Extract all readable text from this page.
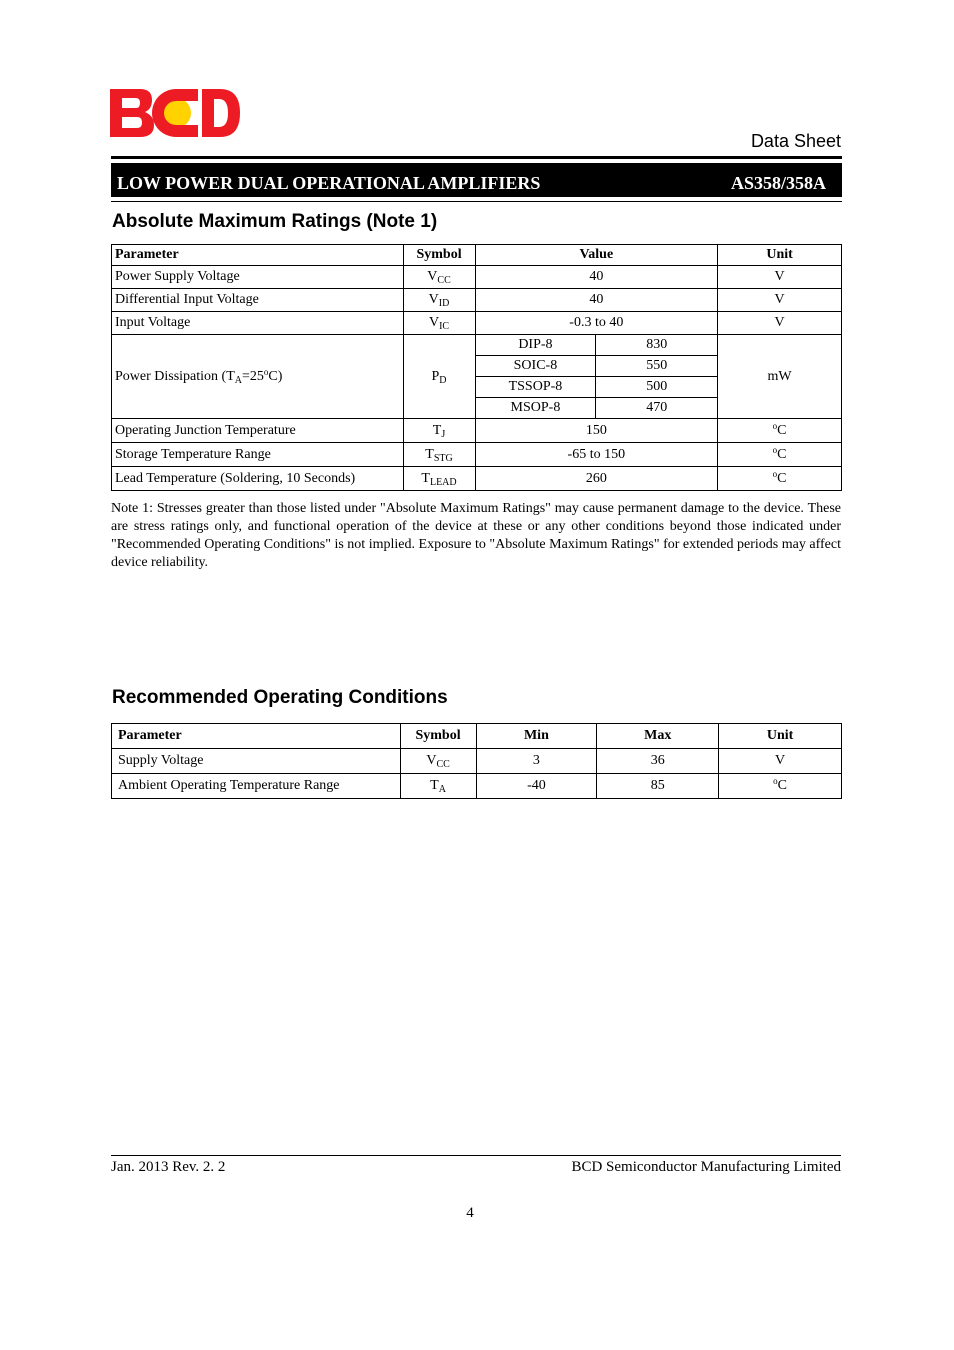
Data Sheet
LOW POWER DUAL OPERATIONAL AMPLIFIERS	AS358/358A
Absolute Maximum Ratings (Note 1)
Parameter	Symbol	Value		Unit
Power Supply Voltage	$V_{CC}$	40		V
Differential Input Voltage	$V_{ID}$	40		V
Input Voltage	$V_{IC}$	-0.3 to 40		V
Power Dissipation $(T_A=25^oC)$	$P_D$	DIP-8	830	mW
		SOIC-8	550	
		TSSOP-8	500	
		MSOP-8	470	
Operating Junction Temperature	$T_J$	150		$^o$C
Storage Temperature Range	$T_{STG}$	-65 to 150		$^o$C
Lead Temperature (Soldering, 10 Seconds)	$T_{LEAD}$	260		$^o$C
Note 1: Stresses greater than those listed under "Absolute Maximum Ratings" may cause permanent damage to the device. These are stress ratings only, and functional operation of the device at these or any other conditions beyond those indicated under "Recommended Operating Conditions" is not implied. Exposure to "Absolute Maximum Ratings" for extended periods may affect device reliability.
Recommended Operating Conditions
Parameter	Symbol	Min	Max	Unit
Supply Voltage	$V_{CC}$	3	36	V
Ambient Operating Temperature Range	$T_A$	-40	85	$^o$C
Jan. 2013 Rev. 2. 2	BCD Semiconductor Manufacturing Limited
4
